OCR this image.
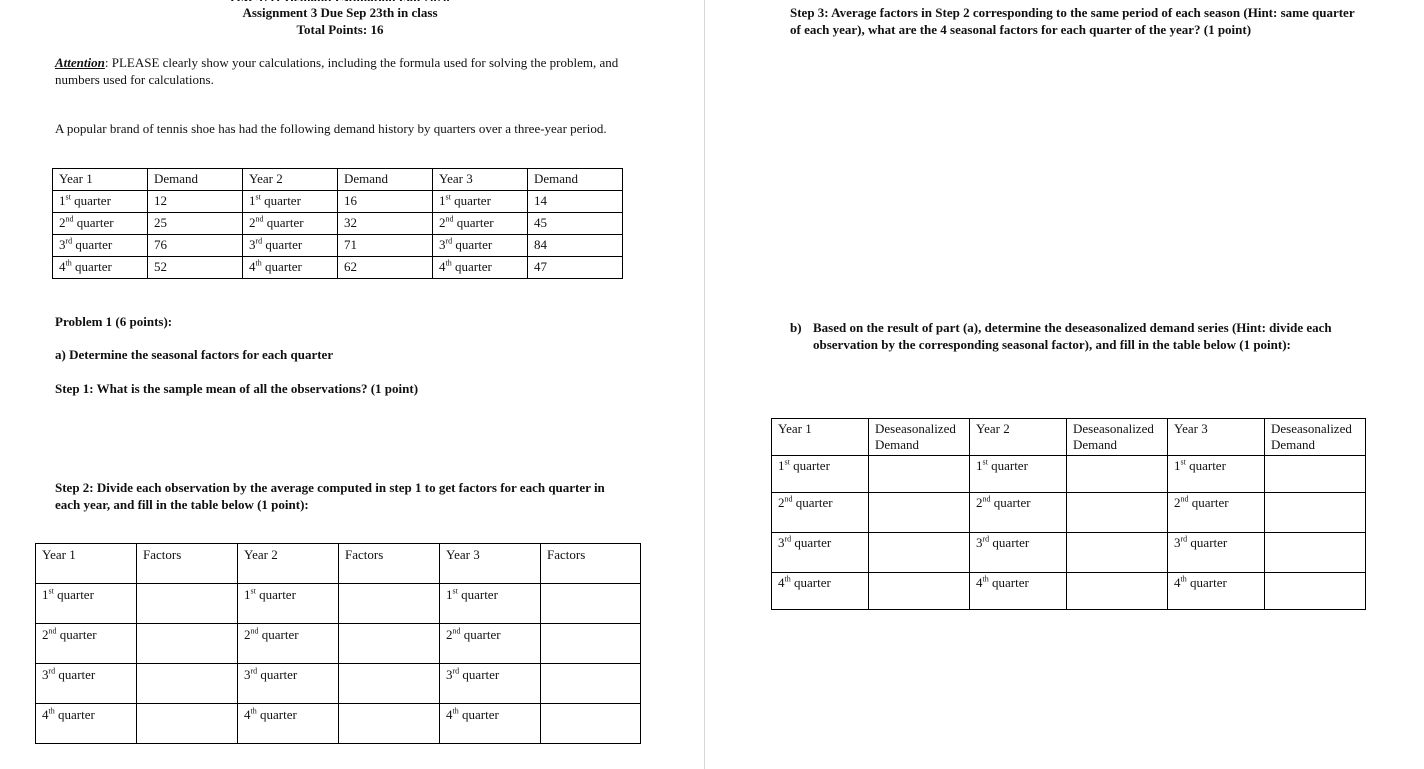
Assignment 3 Due Sep 23th in class
Total Points: 16
Attention: PLEASE clearly show your calculations, including the formula used for solving the problem, and numbers used for calculations.
A popular brand of tennis shoe has had the following demand history by quarters over a three-year period.
Year 1	Demand	Year 2	Demand	Year 3	Demand
1st quarter	12	1st quarter	16	1st quarter	14
2nd quarter	25	2nd quarter	32	2nd quarter	45
3rd quarter	76	3rd quarter	71	3rd quarter	84
4th quarter	52	4th quarter	62	4th quarter	47
Problem 1 (6 points):
a) Determine the seasonal factors for each quarter
Step 1: What is the sample mean of all the observations? (1 point)
Step 2: Divide each observation by the average computed in step 1 to get factors for each quarter in each year, and fill in the table below (1 point):
Year 1	Factors	Year 2	Factors	Year 3	Factors
1st quarter		1st quarter		1st quarter	
2nd quarter		2nd quarter		2nd quarter	
3rd quarter		3rd quarter		3rd quarter	
4th quarter		4th quarter		4th quarter	
Step 3: Average factors in Step 2 corresponding to the same period of each season (Hint: same quarter of each year), what are the 4 seasonal factors for each quarter of the year? (1 point)
b) Based on the result of part (a), determine the deseasonalized demand series (Hint: divide each observation by the corresponding seasonal factor), and fill in the table below (1 point):
Year 1	Deseasonalized Demand	Year 2	Deseasonalized Demand	Year 3	Deseasonalized Demand
1st quarter		1st quarter		1st quarter	
2nd quarter		2nd quarter		2nd quarter	
3rd quarter		3rd quarter		3rd quarter	
4th quarter		4th quarter		4th quarter	
